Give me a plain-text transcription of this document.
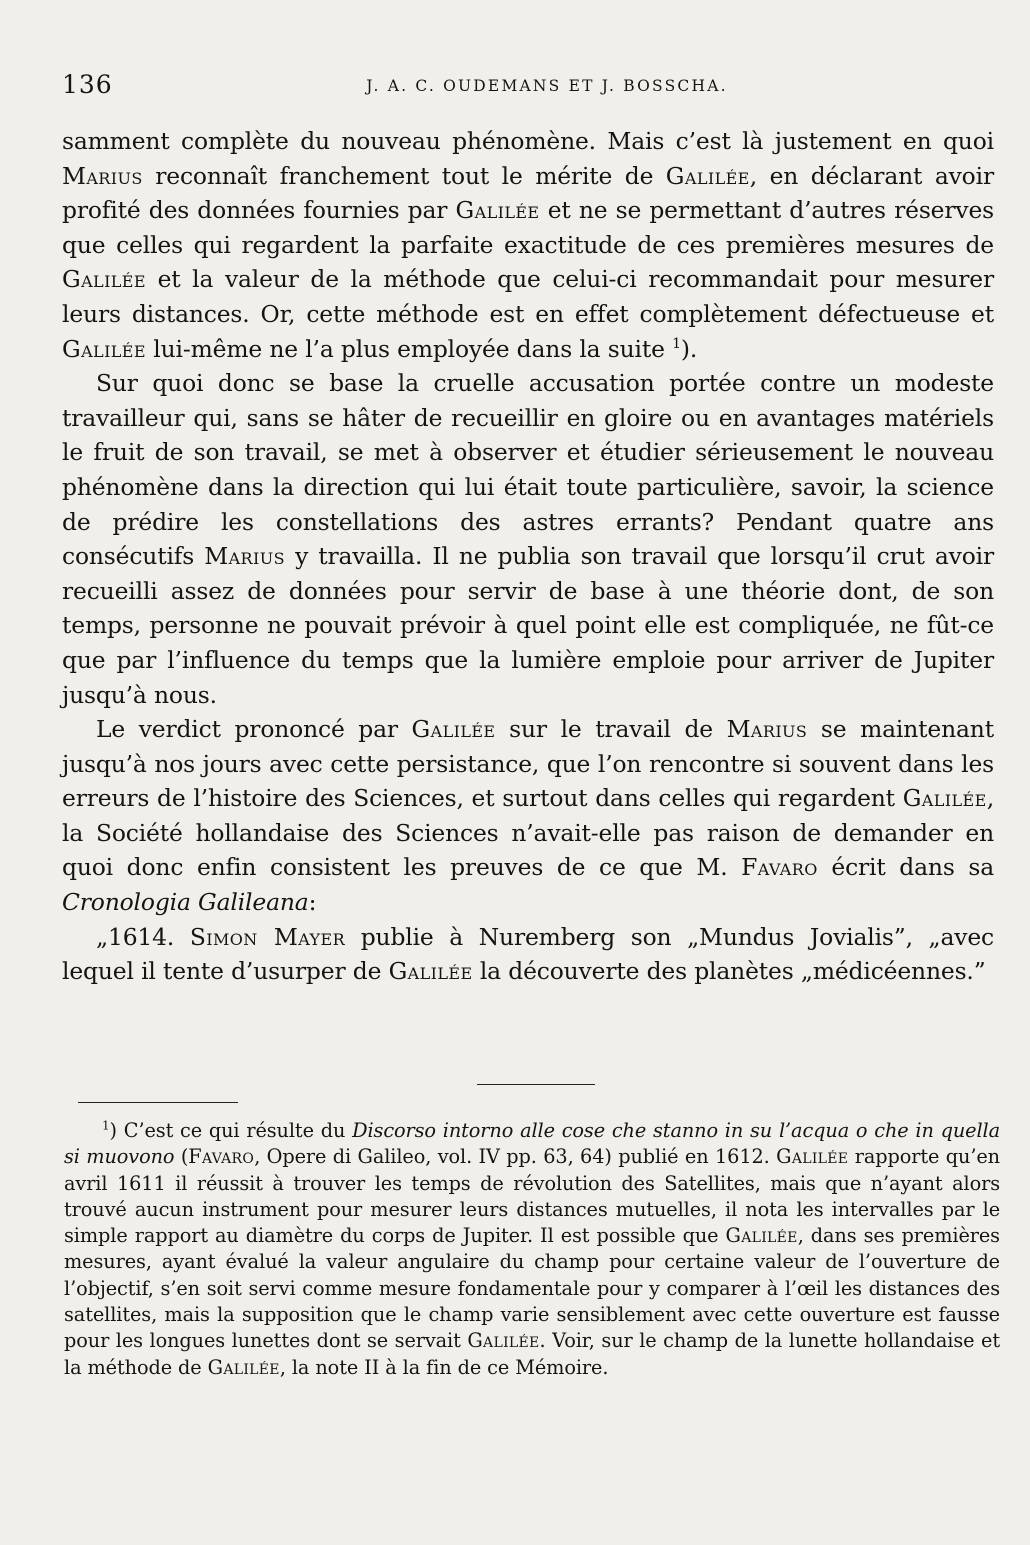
136	J. A. C. OUDEMANS ET J. BOSSCHA.

samment complète du nouveau phénomène. Mais c’est là justement en quoi Marius reconnaît franchement tout le mérite de Galilée, en déclarant avoir profité des données fournies par Galilée et ne se permettant d’autres réserves que celles qui regardent la parfaite exactitude de ces premières mesures de Galilée et la valeur de la méthode que celui-ci recommandait pour mesurer leurs distances. Or, cette méthode est en effet complètement défectueuse et Galilée lui-même ne l’a plus employée dans la suite $^1$).

Sur quoi donc se base la cruelle accusation portée contre un modeste travailleur qui, sans se hâter de recueillir en gloire ou en avantages matériels le fruit de son travail, se met à observer et étudier sérieusement le nouveau phénomène dans la direction qui lui était toute particulière, savoir, la science de prédire les constellations des astres errants? Pendant quatre ans consécutifs Marius y travailla. Il ne publia son travail que lorsqu’il crut avoir recueilli assez de données pour servir de base à une théorie dont, de son temps, personne ne pouvait prévoir à quel point elle est compliquée, ne fût-ce que par l’influence du temps que la lumière emploie pour arriver de Jupiter jusqu’à nous.

Le verdict prononcé par Galilée sur le travail de Marius se maintenant jusqu’à nos jours avec cette persistance, que l’on rencontre si souvent dans les erreurs de l’histoire des Sciences, et surtout dans celles qui regardent Galilée, la Société hollandaise des Sciences n’avait-elle pas raison de demander en quoi donc enfin consistent les preuves de ce que M. Favaro écrit dans sa Cronologia Galileana:

„1614. Simon Mayer publie à Nuremberg son „Mundus Jovialis”, „avec lequel il tente d’usurper de Galilée la découverte des planètes „médicéennes.”

$^1$) C’est ce qui résulte du Discorso intorno alle cose che stanno in su l’acqua o che in quella si muovono (Favaro, Opere di Galileo, vol. IV pp. 63, 64) publié en 1612. Galilée rapporte qu’en avril 1611 il réussit à trouver les temps de révolution des Satellites, mais que n’ayant alors trouvé aucun instrument pour mesurer leurs distances mutuelles, il nota les intervalles par le simple rapport au diamètre du corps de Jupiter. Il est possible que Galilée, dans ses premières mesures, ayant évalué la valeur angulaire du champ pour certaine valeur de l’ouverture de l’objectif, s’en soit servi comme mesure fondamentale pour y comparer à l’œil les distances des satellites, mais la supposition que le champ varie sensiblement avec cette ouverture est fausse pour les longues lunettes dont se servait Galilée. Voir, sur le champ de la lunette hollandaise et la méthode de Galilée, la note II à la fin de ce Mémoire.
